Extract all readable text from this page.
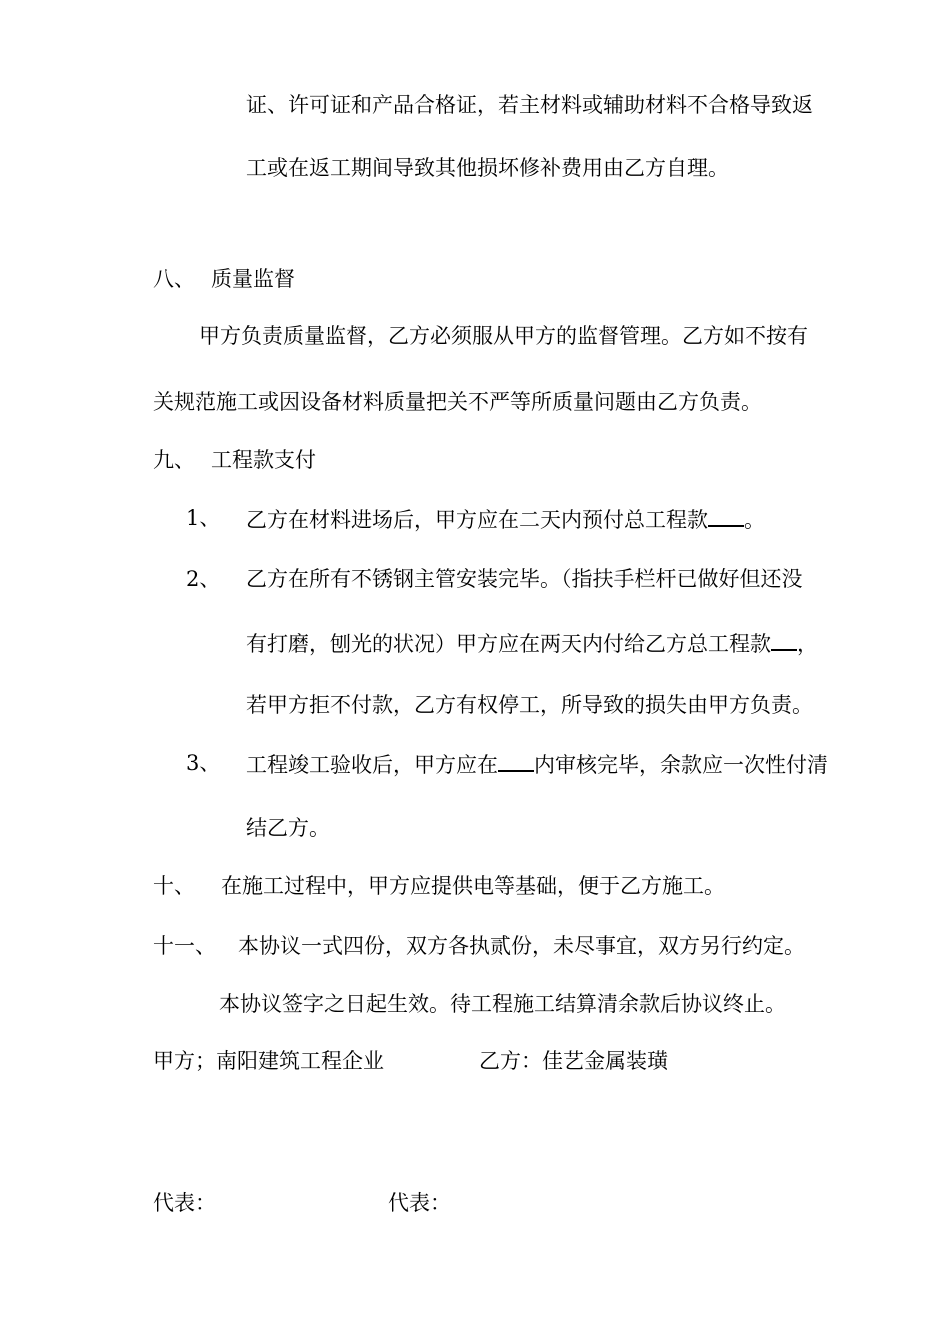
证、许可证和产品合格证，若主材料或辅助材料不合格导致返
工或在返工期间导致其他损坏修补费用由乙方自理。
八、 质量监督
甲方负责质量监督，乙方必须服从甲方的监督管理。乙方如不按有
关规范施工或因设备材料质量把关不严等所质量问题由乙方负责。
九、 工程款支付
1、 乙方在材料进场后，甲方应在二天内预付总工程款 。
2、 乙方在所有不锈钢主管安装完毕。（指扶手栏杆已做好但还没
有打磨，刨光的状况）甲方应在两天内付给乙方总工程款 ，
若甲方拒不付款，乙方有权停工，所导致的损失由甲方负责。
3、 工程竣工验收后，甲方应在 内审核完毕，余款应一次性付清
结乙方。
十、 在施工过程中，甲方应提供电等基础，便于乙方施工。
十一、 本协议一式四份，双方各执贰份，未尽事宜，双方另行约定。
本协议签字之日起生效。待工程施工结算清余款后协议终止。
甲方；南阳建筑工程企业	乙方：佳艺金属装璜
代表：	代表：
